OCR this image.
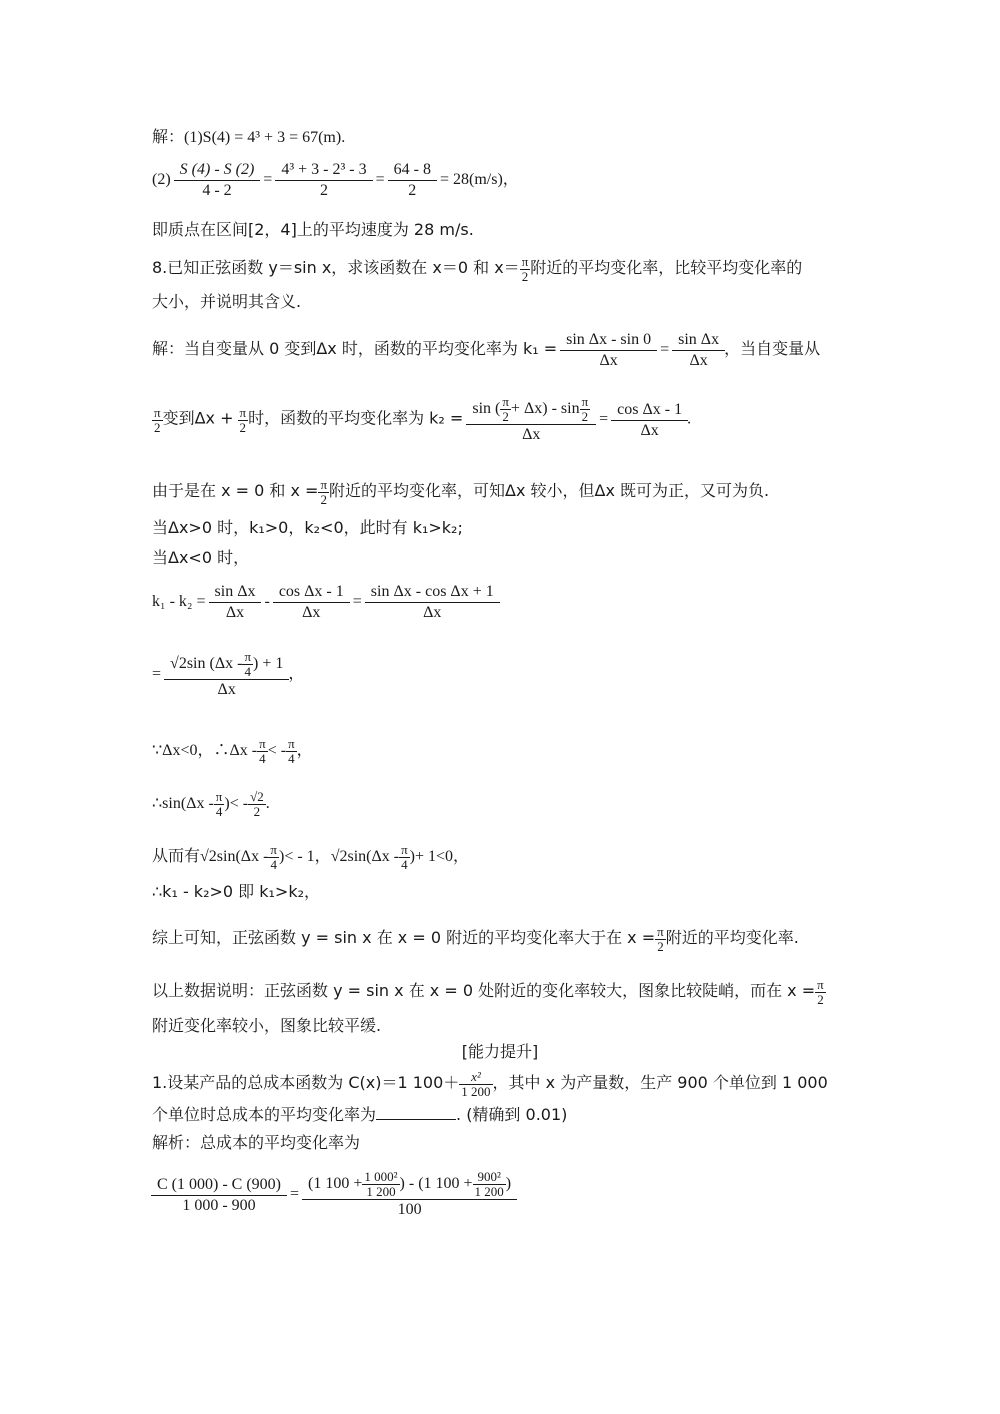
解：(1)S(4) = 4³ + 3 = 67(m).
$(2) \frac{S (4) - S (2)}{4 - 2} = \frac{\text{4³ + 3 - 2³ - 3}}{2} = \frac{64 - 8}{2} = 28(m/s)$，
即质点在区间[2，4]上的平均速度为 28 m/s.
8.已知正弦函数 y＝sin x，求该函数在 x＝0 和 $x= \frac{\pi}{2}$ 附近的平均变化率，比较平均变化率的
大小，并说明其含义.
解：当自变量从 0 变到Δx 时，函数的平均变化率为 $k_1 = \frac{\text{sin Δx - sin 0}}{\Delta x} = \frac{\text{sin Δx}}{\Delta x}$ ，当自变量从
$\frac{\pi}{2}$ 变到$\Delta x + \frac{\pi}{2}$ 时，函数的平均变化率为 $k_2 = \frac{\sin ( \frac{\pi}{2} + \Delta x) - \sin \frac{\pi}{2}}{\Delta x} = \frac{\text{cos Δx - 1}}{\Delta x}$ .
由于是在 x = 0 和 $x = \frac{\pi}{2}$ 附近的平均变化率，可知Δx 较小，但Δx 既可为正，又可为负.
当Δx>0 时，k₁>0，k₂<0，此时有 k₁>k₂;
当Δx<0 时，
$k_1 - k_2 = \frac{\text{sin Δx}}{\Delta x} - \frac{\text{cos Δx - 1}}{\Delta x} = \frac{\text{sin Δx - cos Δx + 1}}{\Delta x}$
= $\frac{√2\sin (\Delta x - \frac{\pi}{4} ) + 1}{\Delta x}$ ，
∵Δx<0，∴Δx - $\frac{\pi}{4}$ < - $\frac{\pi}{4}$ ，
∴sin(Δx - $\frac{\pi}{4}$ )< - $\frac{√2}{2}$ .
从而有$√2\sin(\Delta x - \frac{\pi}{4}$ )< - 1，$√2\sin(\Delta x - \frac{\pi}{4}$ )+ 1<0，
∴k₁ - k₂>0 即 k₁>k₂，
综上可知，正弦函数 y = sin x 在 x = 0 附近的平均变化率大于在 $x = \frac{\pi}{2}$ 附近的平均变化率.
以上数据说明：正弦函数 y = sin x 在 x = 0 处附近的变化率较大，图象比较陡峭，而在 $x = \frac{\pi}{2}$
附近变化率较小，图象比较平缓.
[能力提升]
1.设某产品的总成本函数为 C(x)＝1 $100+ \frac{\text{x²}}{1 200}$ ，其中 x 为产量数，生产 900 个单位到 1 000
个单位时总成本的平均变化率为	. (精确到 0.01)
解析：总成本的平均变化率为
$\frac{C (1 000) - C (900)}{1 000 - 900} = \frac{(1 100 + \frac{\text{1 000²}}{1 200} ) - (1 100 + \frac{\text{900²}}{1 200} )}{100}$
